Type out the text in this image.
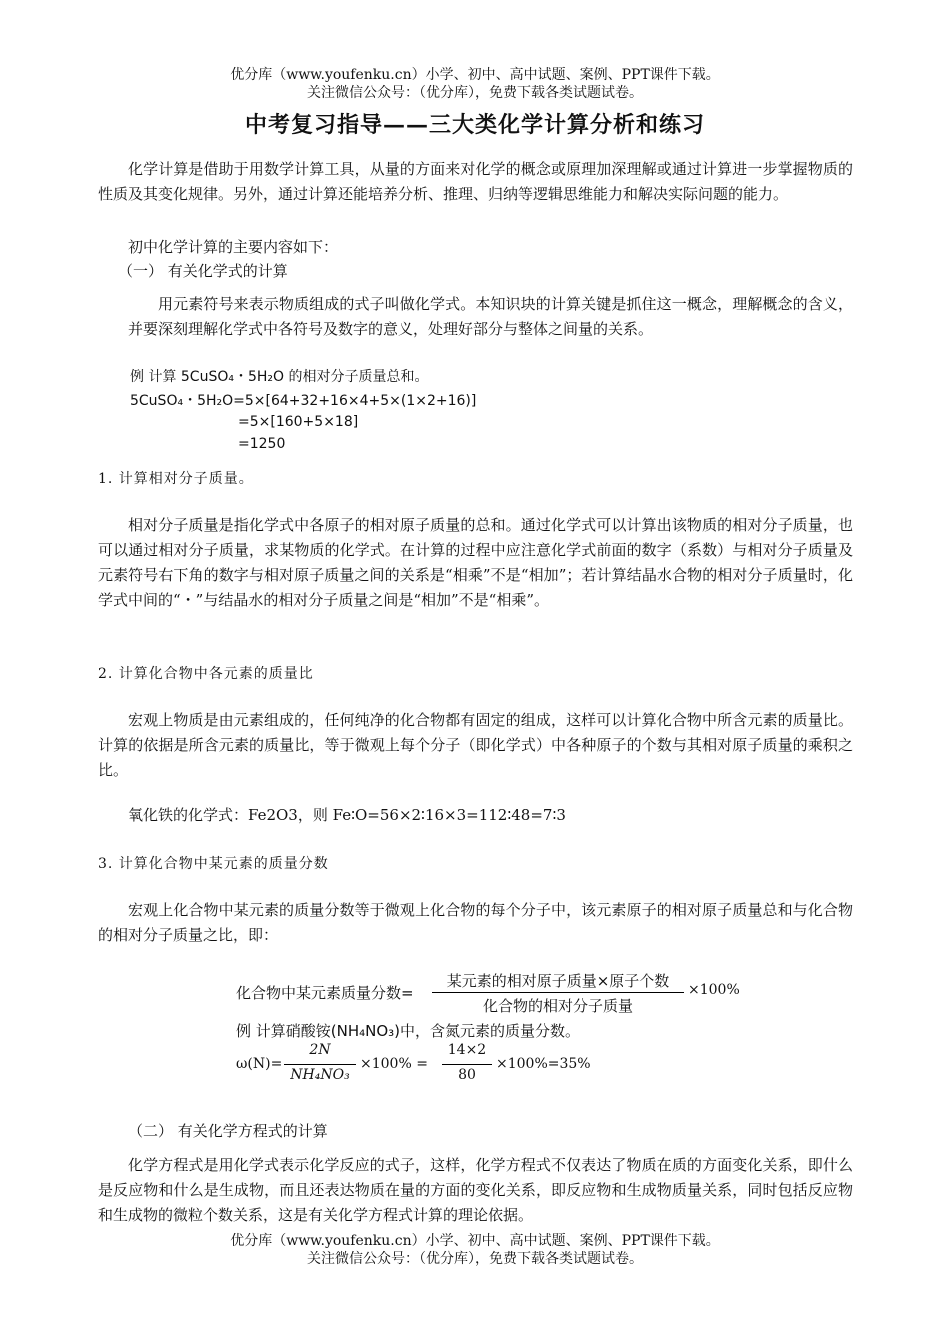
优分库（www.youfenku.cn）小学、初中、高中试题、案例、PPT课件下载。
关注微信公众号：（优分库），免费下载各类试题试卷。
中考复习指导——三大类化学计算分析和练习
化学计算是借助于用数学计算工具，从量的方面来对化学的概念或原理加深理解或通过计算进一步掌握物质的性质及其变化规律。另外，通过计算还能培养分析、推理、归纳等逻辑思维能力和解决实际问题的能力。
初中化学计算的主要内容如下：
（一） 有关化学式的计算
用元素符号来表示物质组成的式子叫做化学式。本知识块的计算关键是抓住这一概念，理解概念的含义，并要深刻理解化学式中各符号及数字的意义，处理好部分与整体之间量的关系。
例 计算 5CuSO₄・5H₂O 的相对分子质量总和。
5CuSO₄・5H₂O=5×[64+32+16×4+5×(1×2+16)]
=5×[160+5×18]
=1250
1. 计算相对分子质量。
相对分子质量是指化学式中各原子的相对原子质量的总和。通过化学式可以计算出该物质的相对分子质量，也可以通过相对分子质量，求某物质的化学式。在计算的过程中应注意化学式前面的数字（系数）与相对分子质量及元素符号右下角的数字与相对原子质量之间的关系是“相乘”不是“相加”；若计算结晶水合物的相对分子质量时，化学式中间的“・”与结晶水的相对分子质量之间是“相加”不是“相乘”。
2. 计算化合物中各元素的质量比
宏观上物质是由元素组成的，任何纯净的化合物都有固定的组成，这样可以计算化合物中所含元素的质量比。计算的依据是所含元素的质量比，等于微观上每个分子（即化学式）中各种原子的个数与其相对原子质量的乘积之比。
氧化铁的化学式：Fe2O3，则 Fe∶O=56×2∶16×3=112∶48=7∶3
3. 计算化合物中某元素的质量分数
宏观上化合物中某元素的质量分数等于微观上化合物的每个分子中，该元素原子的相对原子质量总和与化合物的相对分子质量之比，即：
化合物中某元素质量分数=
某元素的相对原子质量×原子个数
化合物的相对分子质量
×100%
例 计算硝酸铵(NH₄NO₃)中，含氮元素的质量分数。
ω(N)=
2N
NH₄NO₃
×100% =
14×2
80
×100%=35%
（二） 有关化学方程式的计算
化学方程式是用化学式表示化学反应的式子，这样，化学方程式不仅表达了物质在质的方面变化关系，即什么是反应物和什么是生成物，而且还表达物质在量的方面的变化关系，即反应物和生成物质量关系，同时包括反应物和生成物的微粒个数关系，这是有关化学方程式计算的理论依据。
优分库（www.youfenku.cn）小学、初中、高中试题、案例、PPT课件下载。
关注微信公众号：（优分库），免费下载各类试题试卷。
